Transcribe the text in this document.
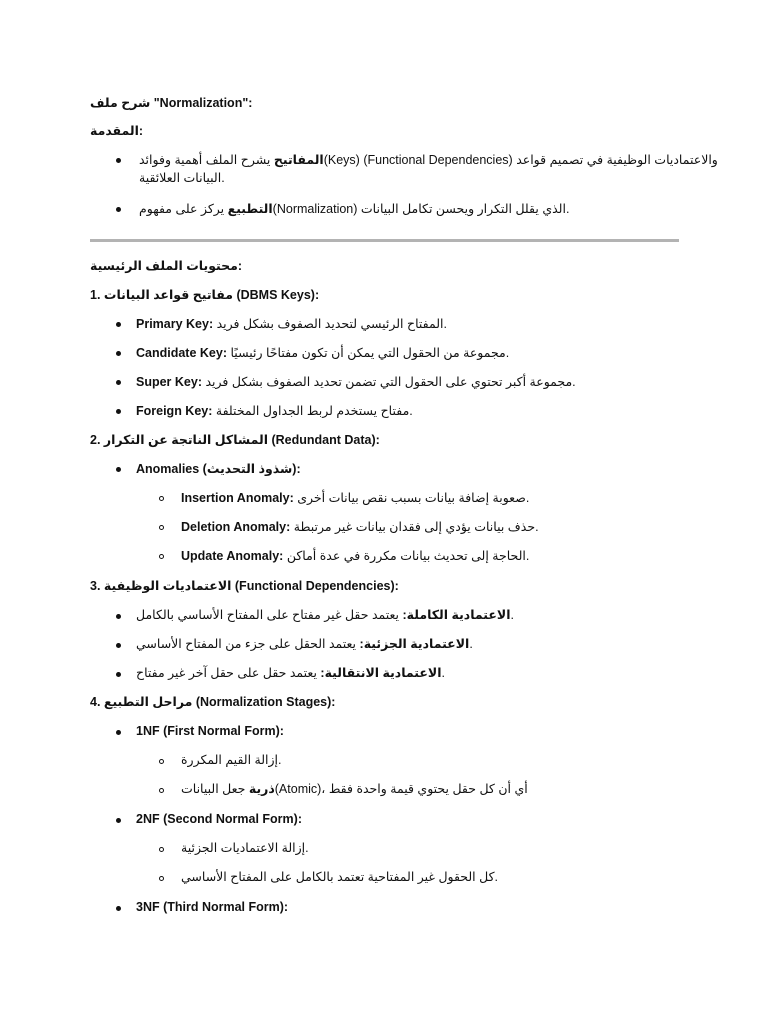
شرح ملف "Normalization":
المقدمة:
المفاتيح يشرح الملف أهمية وفوائد	(Keys) (Functional Dependencies) والاعتماديات الوظيفية في تصميم قواعد
البيانات العلائقية.
التطبيع يركز على مفهوم	(Normalization) الذي يقلل التكرار ويحسن تكامل البيانات.
محتويات الملف الرئيسية:
1. مفاتيح قواعد البيانات (DBMS Keys):
Primary Key: المفتاح الرئيسي لتحديد الصفوف بشكل فريد.
Candidate Key: مجموعة من الحقول التي يمكن أن تكون مفتاحًا رئيسيًا.
Super Key: مجموعة أكبر تحتوي على الحقول التي تضمن تحديد الصفوف بشكل فريد.
Foreign Key: مفتاح يستخدم لربط الجداول المختلفة.
2. المشاكل الناتجة عن التكرار (Redundant Data):
Anomalies (شذوذ التحديث):
Insertion Anomaly: صعوبة إضافة بيانات بسبب نقص بيانات أخرى.
Deletion Anomaly: حذف بيانات يؤدي إلى فقدان بيانات غير مرتبطة.
Update Anomaly: الحاجة إلى تحديث بيانات مكررة في عدة أماكن.
3. الاعتماديات الوظيفية (Functional Dependencies):
الاعتمادية الكاملة: يعتمد حقل غير مفتاح على المفتاح الأساسي بالكامل.
الاعتمادية الجزئية: يعتمد الحقل على جزء من المفتاح الأساسي.
الاعتمادية الانتقالية: يعتمد حقل على حقل آخر غير مفتاح.
4. مراحل التطبيع (Normalization Stages):
1NF (First Normal Form):
إزالة القيم المكررة.
ذرية جعل البيانات (Atomic)، أي أن كل حقل يحتوي قيمة واحدة فقط
2NF (Second Normal Form):
إزالة الاعتماديات الجزئية.
كل الحقول غير المفتاحية تعتمد بالكامل على المفتاح الأساسي.
3NF (Third Normal Form):
